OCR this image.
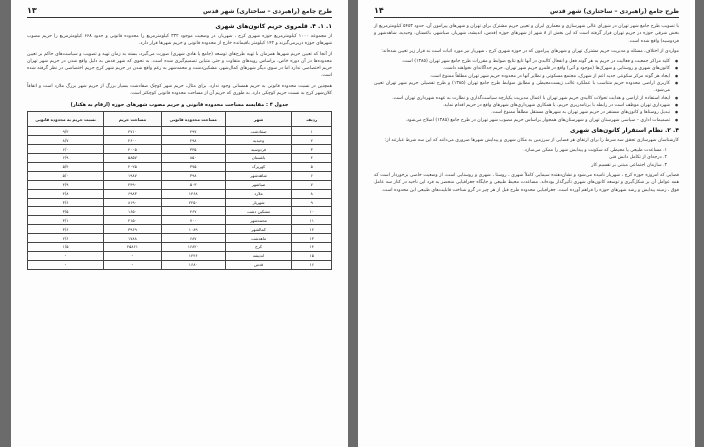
طرح جامع (راهبردی – ساختاری) شهر قدس
۱۳
۱. ۱. ۴. قلمروی حریم کانون‌های شهری

از مجموعه ۱۰۰۰ کیلومترمربع حوزه شهری کرج ، شهریار، در وضعیت موجود ۳۳۲ کیلومترمربع را محدوده قانونی و حدود ۶۶۸ کیلومترمربع را حریم مصوب شهرهای حوزه دربرمی‌گیرند و ۱۴۲ کیلومتر باقیمانده خارج از محدوده قانونی و حریم شهرها قرار دارد.

از آنجا که تعیین حریم شهرها همزمان با تهیه طرح‌های توسعه (جامع یا هادی شهری) صورت می‌گیرد، بسته به زمان تهیه و تصویب و سیاست‌های حاکم بر تعیین محدوده‌ها در آن دوره خاص، براساس رویه‌های متفاوت و حتی متباین تصمیم‌گیری شده است. به نحوی که شهر قدس به دلیل واقع شدن در حریم شهر تهران حریم اختصاصی ندارد اما در سوی دیگر شهرهای کمال‌شهر، مشکین‌دشت و محمدشهر به رغم واقع شدن در حریم شهر کرج حریم اختصاصی در نظر گرفته شده است.

همچنین در نسبت محدوده قانونی به حریم همسانی وجود ندارد. برای مثال، حریم شهر کوچک صفادشت بسیار بزرگ از حریم شهر بزرگ ملارد است و اتفاقاً کلان‌شهر کرج به نسبت حریم کوچکی دارد. به طوری که حریم آن از مساحت محدوده قانونی کوچکتر است.

جدول ۴ : مقایسه مساحت محدوده قانونی و حریم مصوب شهرهای حوزه (ارقام به هکتار)
ردیف	شهر	مساحت محدوده قانونی	مساحت حریم	نسبت حریم به محدوده قانونی
۱	صفادشت	۴۹۷	۴۷۱۰	۹/۴
۲	وحیدیه	۲۹۸	۲۶۰۰	۸/۷
۳	فردوسیه	۳۳۵	۲۰۰۵	۶/۰
۴	باغستان	۸۵۰	۵۸۵۷	۶/۹
۵	کهریزک	۳۷۵	۲۰۲۵	۵/۴
۶	شاهدشهر	۳۹۸	۱۹۸۷	۵/۰
۷	صباشهر	۵۰۳	۲۴۹۰	۴/۹
۸	ملارد	۱۴۶۸	۶۹۸۳	۴/۸
۹	شهریار	۲۲۵۰	۸۱۹۰	۳/۶
۱۰	مشکین دشت	۴۶۷	۱۶۵۰	۳/۵
۱۱	محمدشهر	۷۰۰	۲۱۵۰	۳/۱
۱۲	کمالشهر	۱۰۸۹	۳۹۶۹	۳/۶
۱۳	ماهدشت	۶۸۷	۱۷۸۸	۲/۶
۱۴	کرج	۱۶۸۲۰	۲۵۸۶۱	۱/۵
۱۵	اندیشه	۱۴۴۶	-	-
۱۶	قدس	۱۶۸۰	-	-
طرح جامع (راهبردی – ساختاری) شهر قدس
۱۴

با تصویب طرح جامع شهر تهران در شورای عالی شهرسازی و معماری ایران و تعیین حریم مشترک برای تهران و شهرهای پیرامون آن، حدود ۵۴۵۳ کیلومترمربع از بخش شرقی حوزه در حریم تهران قرار گرفته است که این بخش از ۸ شهر از شهرهای حوزه (قدس، اندیشه، شهریار، صباشهر، باغستان، وحیدیه، شاهدشهر و فردوسیه) واقع شده است.

مواردی از اختلاف، مسئله و مدیریت حریم مشترک تهران و شهرهای پیرامون که در حوزه شهری کرج ، شهریار نیز مورد اثبات است به قرار زیر تعیین شده‌اند:

● کلیه مراکز جمعیت و فعالیت در حریم به هر گونه فعل و انفعال کالبدی در آنها تابع نتایج ضوابط و مقررات طرح جامع شهر تهران (۱۳۸۵) است.
● کانون‌های شهری و روستایی و شهرک‌ها (موجود و آتی) واقع در قلمرو حریم شهر تهران، حریم جداگانه‌ای نخواهند داشت.
● ایجاد هر گونه مرکز سکونتی جدید اعم از شهرک، مجتمع مسکونی و نظایر آنها در محدوده حریم شهر تهران مطلقاً ممنوع است.
● کاربری اراضی محدوده حریم متناسب با عملکرد غالب زیست‌محیطی و مطابق ضوابط طرح جامع تهران (۱۳۸۵) و طرح تفصیلی حریم شهر تهران تعیین می‌شود.
● ایجاد استفاده از اراضی و هدایت تحولات کالبدی حریم شهر تهران با اعمال مدیریت یکپارچه سیاست‌گذاری و نظارت به عهده شهرداری تهران است.
● شهرداری تهران موظف است در رابطه با برنامه‌ریزی حریم، با همکاری شهرداری‌های شهرهای واقع در حریم اقدام نماید.
● تبدیل روستاها و کانون‌های مستقر در حریم شهر تهران به شهرهای مستقل مطلقاً ممنوع است.
● تصمیمات اداری – سیاسی شهرستان تهران و شهرستان‌های همجوار براساس حریم مصوب شهر تهران در طرح جامع (۱۳۸۵) اصلاح می‌شود.
۴. ۲. نظام استقرار کانون‌های شهری

کارشناسان شهرسازی تحقق سه شرط را برای ارتقای هر فضایی از سرزمین به مکان شهری و پیدایش شهرها ضروری می‌دانند که این سه شرط عبارتند از:

۱. مساعدت طبیعی یا محیطی که سکونت و پیدایش شهر را ممکن می‌سازد.
۲. درجه‌ای از تکامل دانش فنی
۳. سازمان اجتماعی مبتنی بر تقسیم کار

فضایی که امروزه حوزه کرج ، شهریار نامیده می‌شود و نشان‌دهنده سیمایی کاملاً شهری ، روستا ، شهری و روستایی است، از وضعیت خاصی برخوردار است که همه عوامل آن بر شکل‌گیری و توسعه کانون‌های شهری تأثیرگذار بوده‌اند. مساعدت محیط طبیعی و جایگاه جغرافیایی منحصر به فرد این ناحیه در کنار سه عامل فوق ، زمینه پیدایش و رشد شهرهای حوزه را فراهم آورده است. جغرافیایی محدوده طرح قبل از هر چیز در گرو شناخت قابلیت‌های طبیعی این محدوده است.
